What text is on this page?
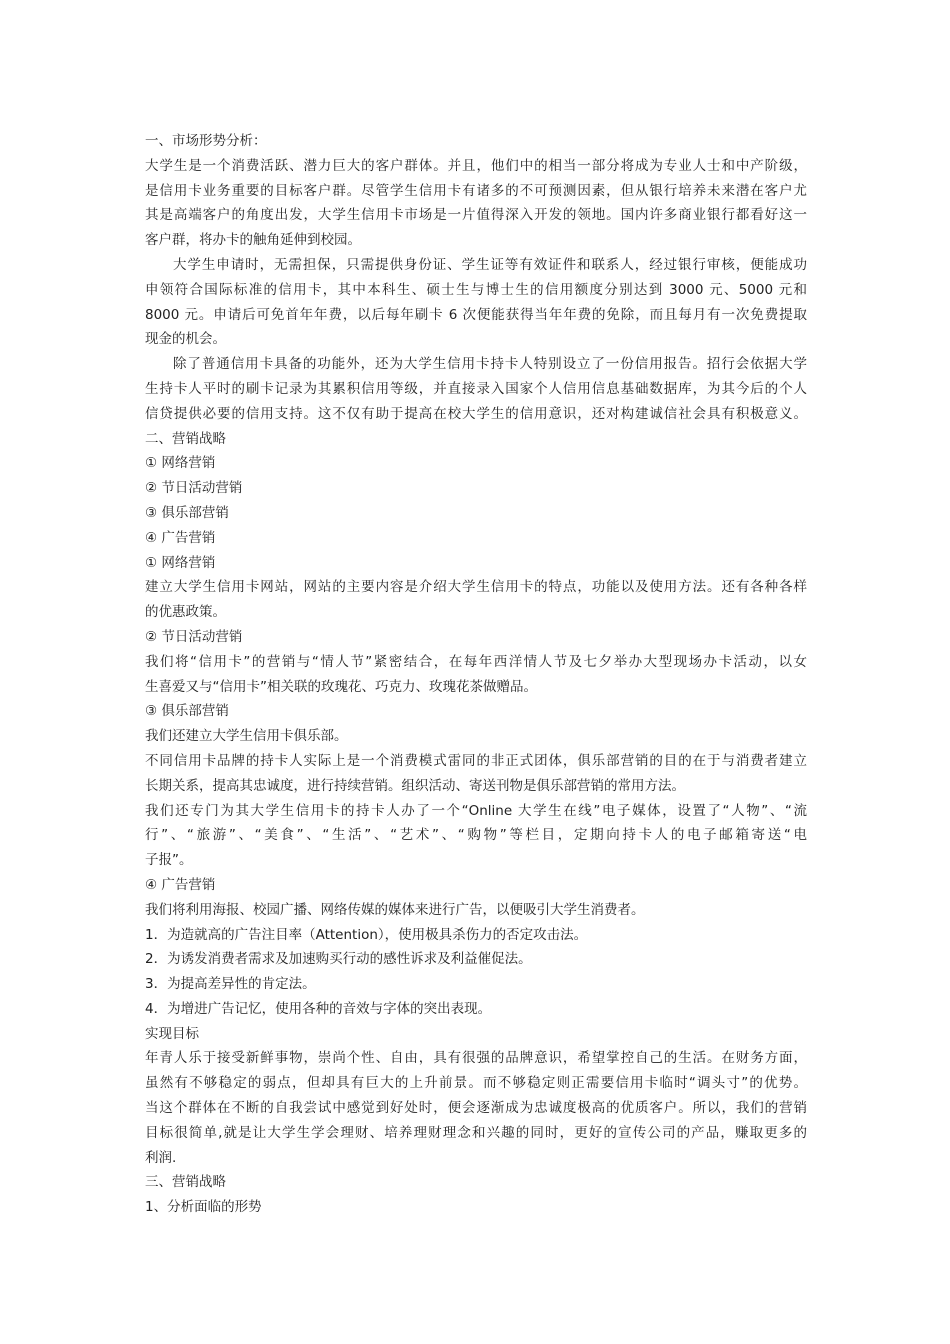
一、市场形势分析：
大学生是一个消费活跃、潜力巨大的客户群体。并且，他们中的相当一部分将成为专业人士和中产阶级，
是信用卡业务重要的目标客户群。尽管学生信用卡有诸多的不可预测因素，但从银行培养未来潜在客户尤
其是高端客户的角度出发，大学生信用卡市场是一片值得深入开发的领地。国内许多商业银行都看好这一
客户群，将办卡的触角延伸到校园。
大学生申请时，无需担保，只需提供身份证、学生证等有效证件和联系人，经过银行审核，便能成功
申领符合国际标准的信用卡，其中本科生、硕士生与博士生的信用额度分别达到 3000 元、5000 元和
8000 元。申请后可免首年年费，以后每年刷卡 6 次便能获得当年年费的免除，而且每月有一次免费提取
现金的机会。
除了普通信用卡具备的功能外，还为大学生信用卡持卡人特别设立了一份信用报告。招行会依据大学
生持卡人平时的刷卡记录为其累积信用等级，并直接录入国家个人信用信息基础数据库，为其今后的个人
信贷提供必要的信用支持。这不仅有助于提高在校大学生的信用意识，还对构建诚信社会具有积极意义。
二、营销战略
① 网络营销
② 节日活动营销
③ 俱乐部营销
④ 广告营销
① 网络营销
建立大学生信用卡网站，网站的主要内容是介绍大学生信用卡的特点，功能以及使用方法。还有各种各样
的优惠政策。
② 节日活动营销
我们将“信用卡”的营销与“情人节”紧密结合，在每年西洋情人节及七夕举办大型现场办卡活动，以女
生喜爱又与“信用卡”相关联的玫瑰花、巧克力、玫瑰花茶做赠品。
③ 俱乐部营销
我们还建立大学生信用卡俱乐部。
不同信用卡品牌的持卡人实际上是一个消费模式雷同的非正式团体，俱乐部营销的目的在于与消费者建立
长期关系，提高其忠诚度，进行持续营销。组织活动、寄送刊物是俱乐部营销的常用方法。
我们还专门为其大学生信用卡的持卡人办了一个“Online 大学生在线”电子媒体，设置了“人物”、“流
行”、“旅游”、“美食”、“生活”、“艺术”、“购物”等栏目，定期向持卡人的电子邮箱寄送“电
子报”。
④ 广告营销
我们将利用海报、校园广播、网络传媒的媒体来进行广告，以便吸引大学生消费者。
1．为造就高的广告注目率（Attention），使用极具杀伤力的否定攻击法。
2．为诱发消费者需求及加速购买行动的感性诉求及利益催促法。
3．为提高差异性的肯定法。
4．为增进广告记忆，使用各种的音效与字体的突出表现。
实现目标
年青人乐于接受新鲜事物，崇尚个性、自由，具有很强的品牌意识，希望掌控自己的生活。在财务方面，
虽然有不够稳定的弱点，但却具有巨大的上升前景。而不够稳定则正需要信用卡临时“调头寸”的优势。
当这个群体在不断的自我尝试中感觉到好处时，便会逐渐成为忠诚度极高的优质客户。所以，我们的营销
目标很简单,就是让大学生学会理财、培养理财理念和兴趣的同时，更好的宣传公司的产品，赚取更多的
利润.
三、营销战略
1、分析面临的形势
